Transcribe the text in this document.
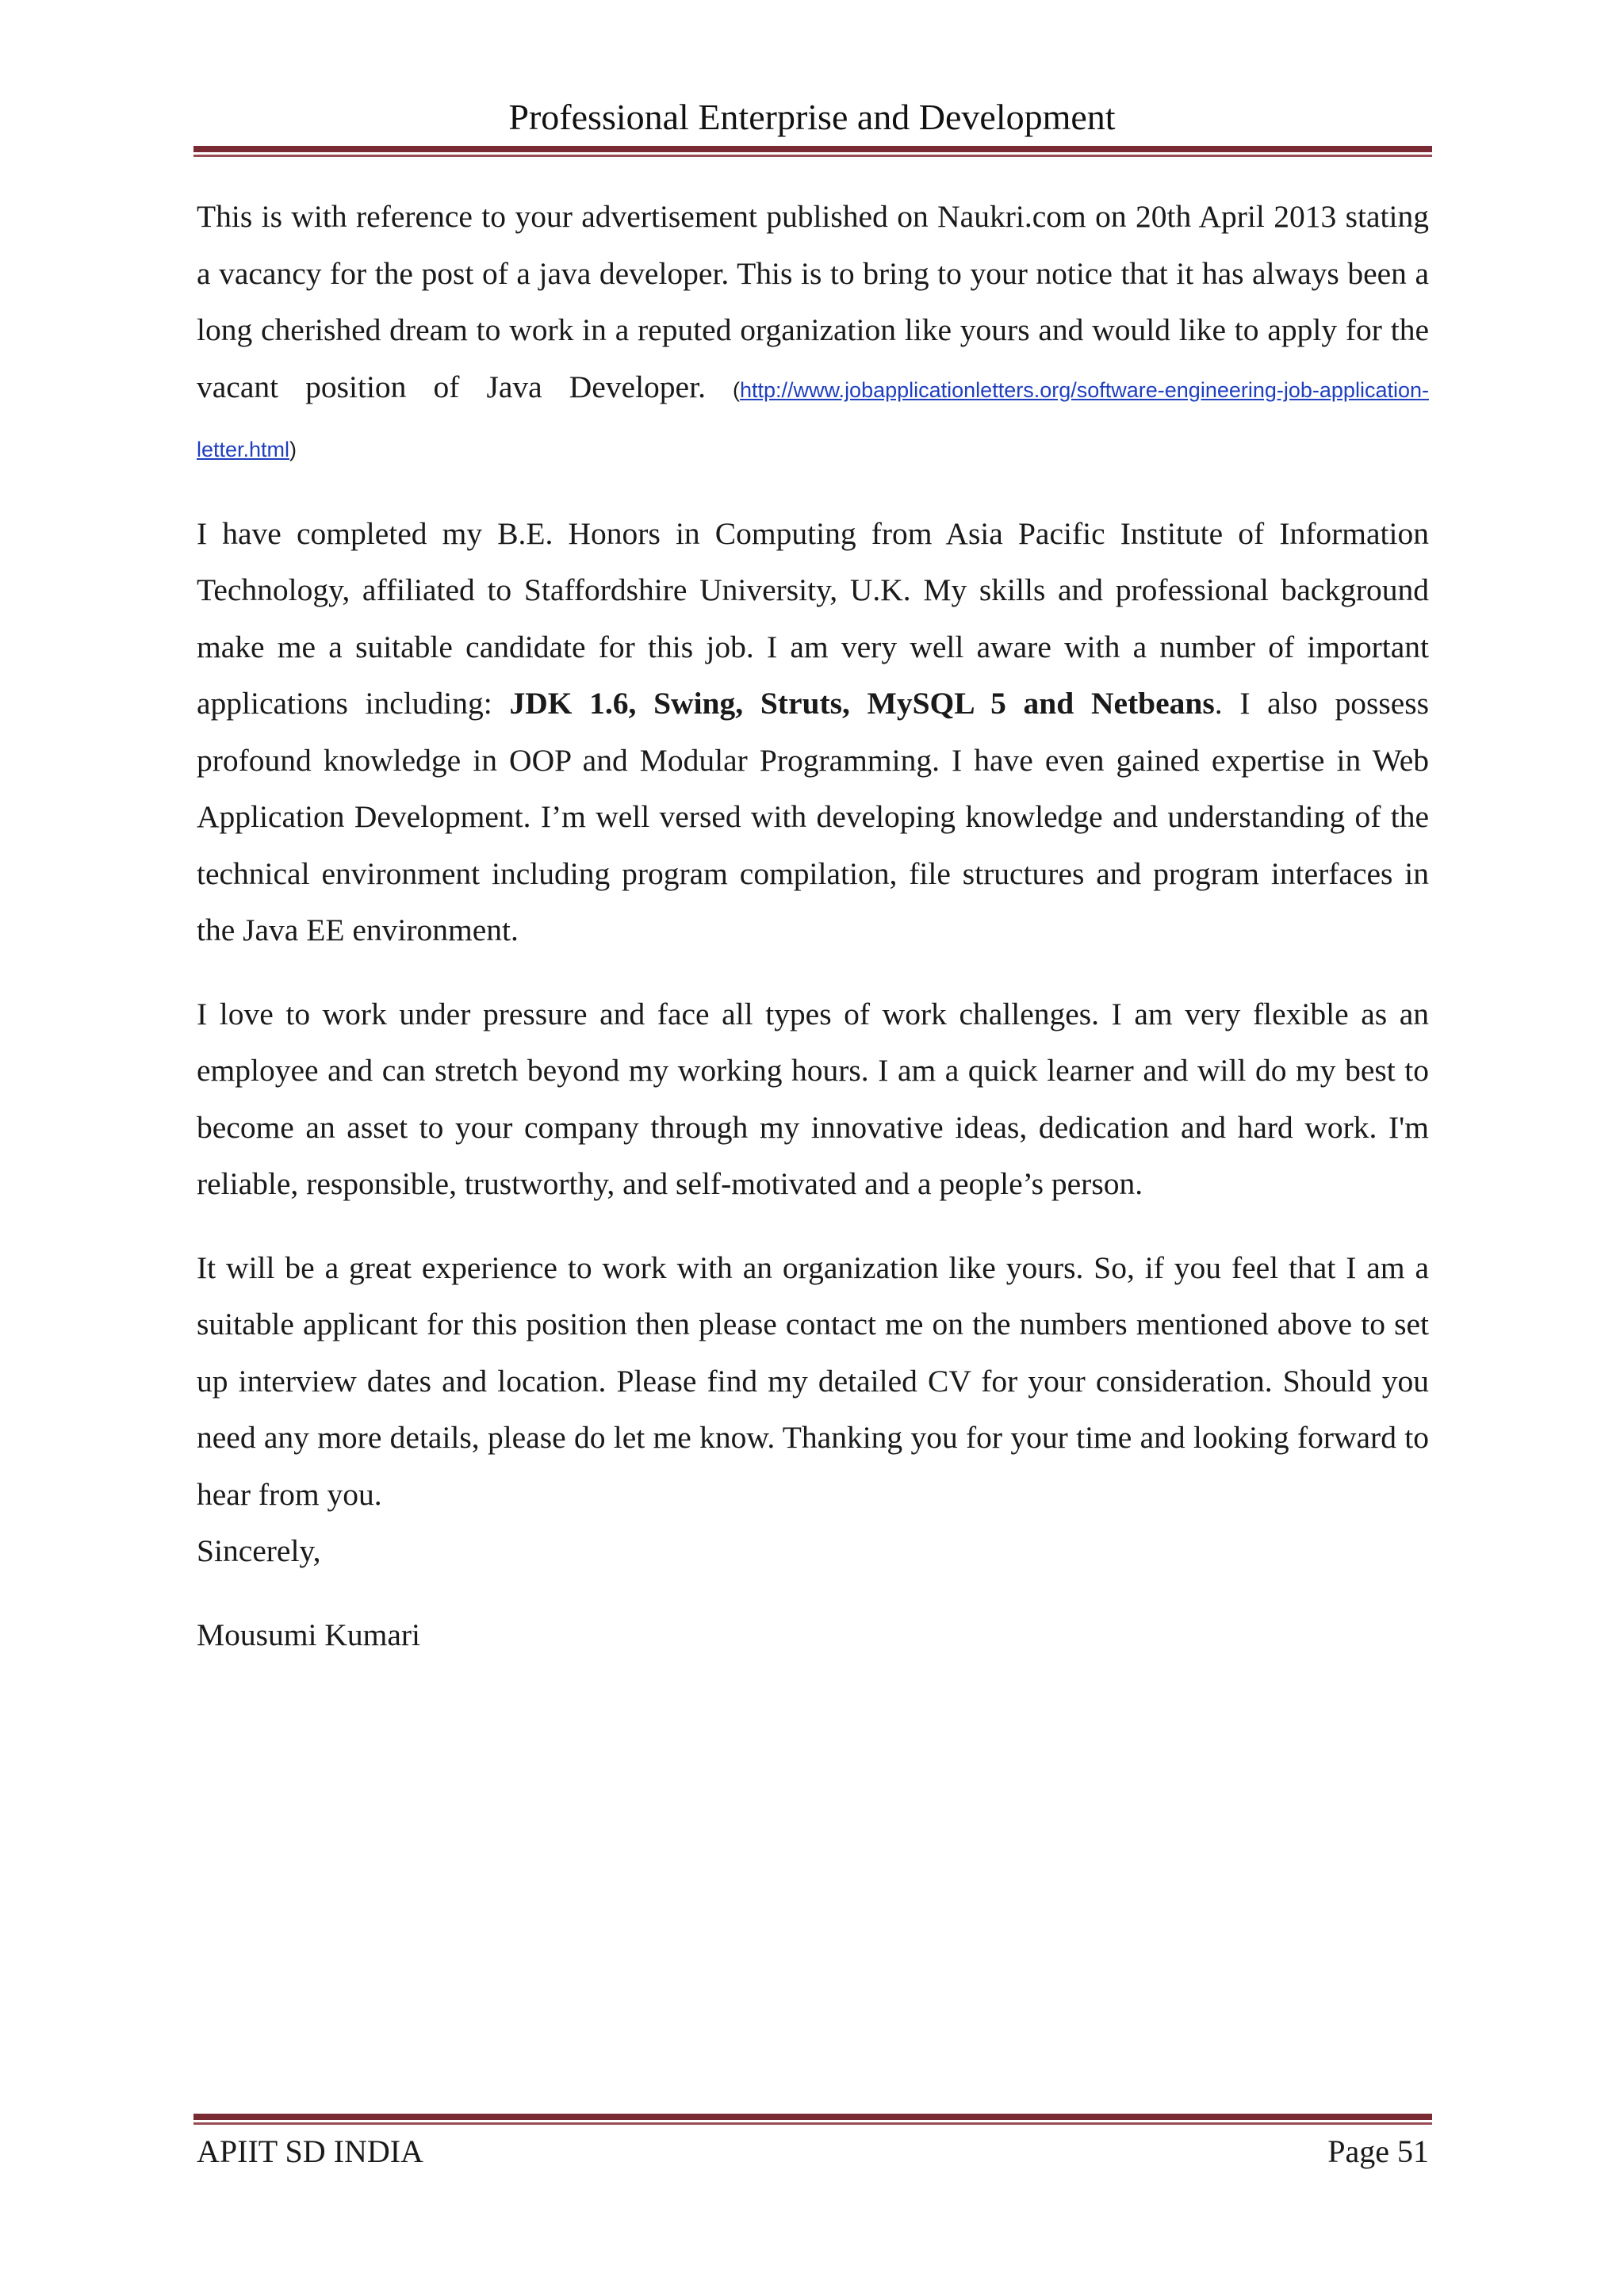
Professional Enterprise and Development

This is with reference to your advertisement published on Naukri.com on 20th April 2013 stating a vacancy for the post of a java developer. This is to bring to your notice that it has always been a long cherished dream to work in a reputed organization like yours and would like to apply for the vacant position of Java Developer. (http://www.jobapplicationletters.org/software-engineering-job-application-letter.html)

I have completed my B.E. Honors in Computing from Asia Pacific Institute of Information Technology, affiliated to Staffordshire University, U.K. My skills and professional background make me a suitable candidate for this job. I am very well aware with a number of important applications including: JDK 1.6, Swing, Struts, MySQL 5 and Netbeans. I also possess profound knowledge in OOP and Modular Programming. I have even gained expertise in Web Application Development. I’m well versed with developing knowledge and understanding of the technical environment including program compilation, file structures and program interfaces in the Java EE environment.

I love to work under pressure and face all types of work challenges. I am very flexible as an employee and can stretch beyond my working hours. I am a quick learner and will do my best to become an asset to your company through my innovative ideas, dedication and hard work. I'm reliable, responsible, trustworthy, and self-motivated and a people’s person.

It will be a great experience to work with an organization like yours. So, if you feel that I am a suitable applicant for this position then please contact me on the numbers mentioned above to set up interview dates and location. Please find my detailed CV for your consideration. Should you need any more details, please do let me know. Thanking you for your time and looking forward to hear from you.

Sincerely,

Mousumi Kumari

APIIT SD INDIA	Page 51
